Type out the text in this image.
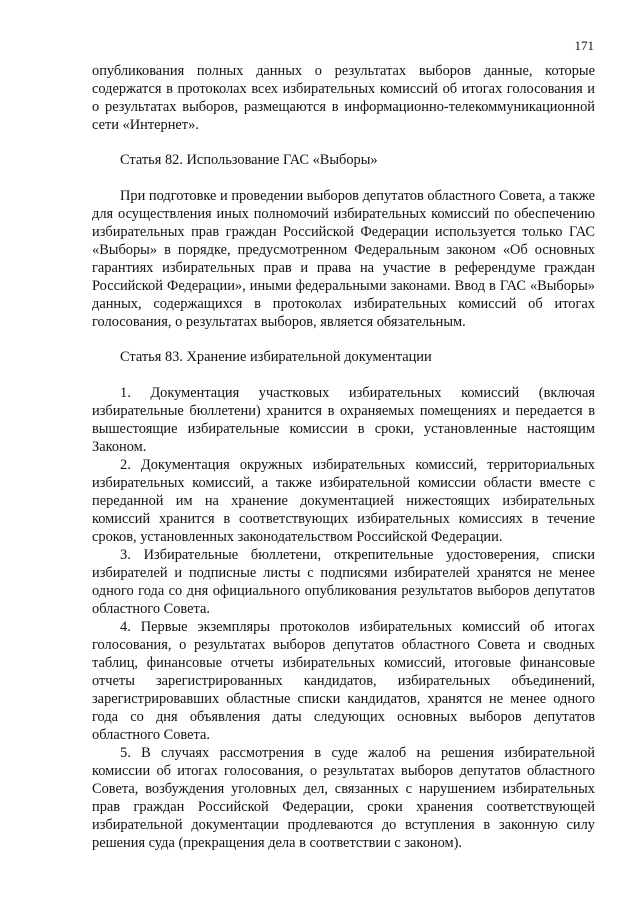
171

опубликования полных данных о результатах выборов данные, которые содержатся в протоколах всех избирательных комиссий об итогах голосования и о результатах выборов, размещаются в информационно-телекоммуникационной сети «Интернет».

Статья 82. Использование ГАС «Выборы»

При подготовке и проведении выборов депутатов областного Совета, а также для осуществления иных полномочий избирательных комиссий по обеспечению избирательных прав граждан Российской Федерации используется только ГАС «Выборы» в порядке, предусмотренном Федеральным законом «Об основных гарантиях избирательных прав и права на участие в референдуме граждан Российской Федерации», иными федеральными законами. Ввод в ГАС «Выборы» данных, содержащихся в протоколах избирательных комиссий об итогах голосования, о результатах выборов, является обязательным.

Статья 83. Хранение избирательной документации

1. Документация участковых избирательных комиссий (включая избирательные бюллетени) хранится в охраняемых помещениях и передается в вышестоящие избирательные комиссии в сроки, установленные настоящим Законом.

2. Документация окружных избирательных комиссий, территориальных избирательных комиссий, а также избирательной комиссии области вместе с переданной им на хранение документацией нижестоящих избирательных комиссий хранится в соответствующих избирательных комиссиях в течение сроков, установленных законодательством Российской Федерации.

3. Избирательные бюллетени, открепительные удостоверения, списки избирателей и подписные листы с подписями избирателей хранятся не менее одного года со дня официального опубликования результатов выборов депутатов областного Совета.

4. Первые экземпляры протоколов избирательных комиссий об итогах голосования, о результатах выборов депутатов областного Совета и сводных таблиц, финансовые отчеты избирательных комиссий, итоговые финансовые отчеты зарегистрированных кандидатов, избирательных объединений, зарегистрировавших областные списки кандидатов, хранятся не менее одного года со дня объявления даты следующих основных выборов депутатов областного Совета.

5. В случаях рассмотрения в суде жалоб на решения избирательной комиссии об итогах голосования, о результатах выборов депутатов областного Совета, возбуждения уголовных дел, связанных с нарушением избирательных прав граждан Российской Федерации, сроки хранения соответствующей избирательной документации продлеваются до вступления в законную силу решения суда (прекращения дела в соответствии с законом).
